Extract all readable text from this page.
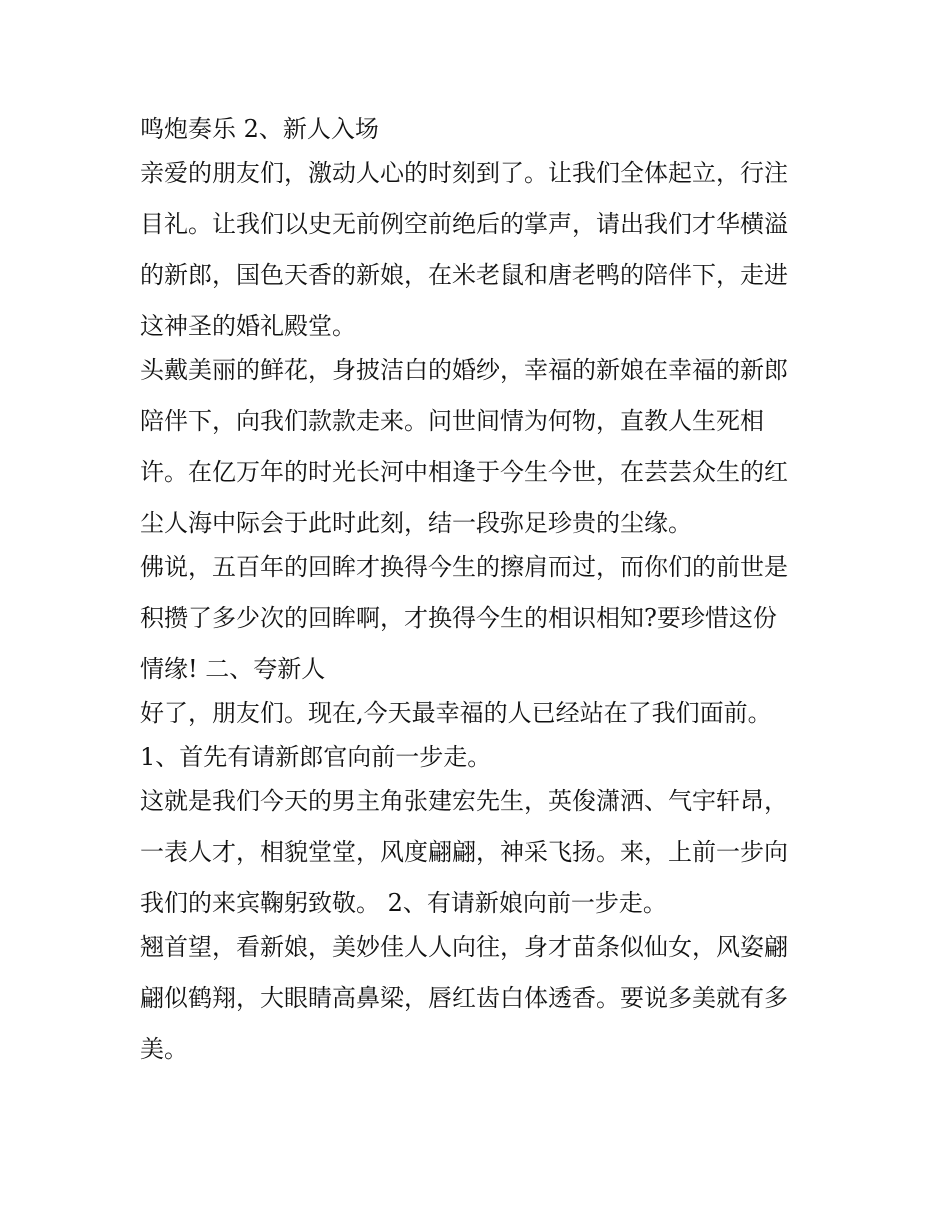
鸣炮奏乐 2、新人入场
亲爱的朋友们，激动人心的时刻到了。让我们全体起立，行注
目礼。让我们以史无前例空前绝后的掌声，请出我们才华横溢
的新郎，国色天香的新娘，在米老鼠和唐老鸭的陪伴下，走进
这神圣的婚礼殿堂。
头戴美丽的鲜花，身披洁白的婚纱，幸福的新娘在幸福的新郎
陪伴下，向我们款款走来。问世间情为何物，直教人生死相
许。在亿万年的时光长河中相逢于今生今世，在芸芸众生的红
尘人海中际会于此时此刻，结一段弥足珍贵的尘缘。
佛说，五百年的回眸才换得今生的擦肩而过，而你们的前世是
积攒了多少次的回眸啊，才换得今生的相识相知?要珍惜这份
情缘! 二、夸新人
好了，朋友们。现在,今天最幸福的人已经站在了我们面前。
1、首先有请新郎官向前一步走。
这就是我们今天的男主角张建宏先生，英俊潇洒、气宇轩昂，
一表人才，相貌堂堂，风度翩翩，神采飞扬。来，上前一步向
我们的来宾鞠躬致敬。 2、有请新娘向前一步走。
翘首望，看新娘，美妙佳人人向往，身才苗条似仙女，风姿翩
翩似鹤翔，大眼睛高鼻梁，唇红齿白体透香。要说多美就有多
美。
